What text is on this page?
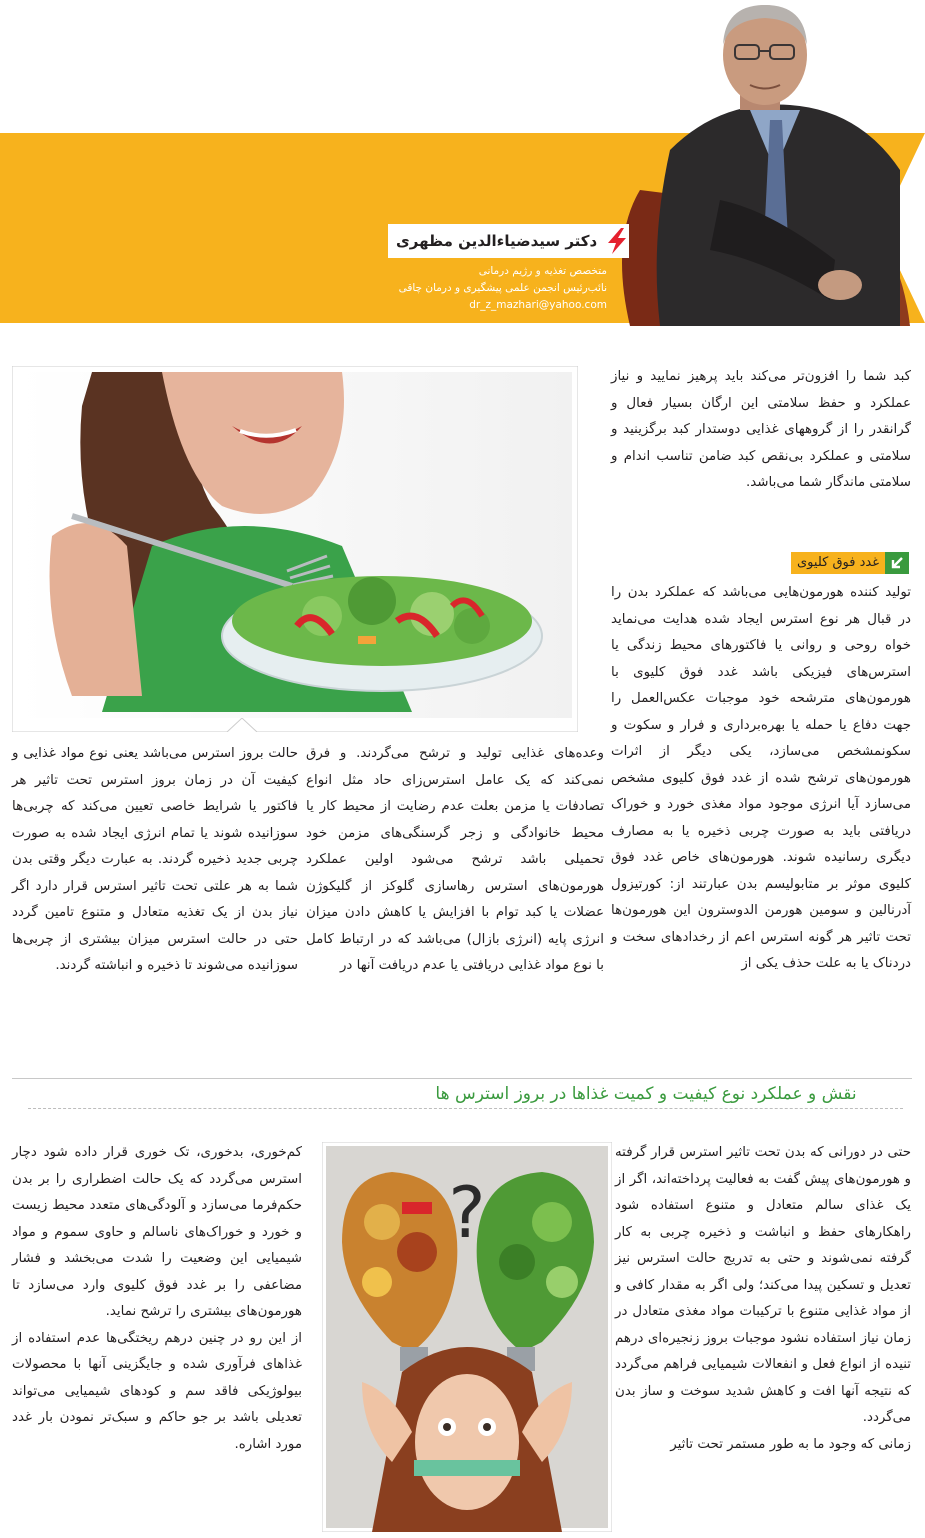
دکتر سیدضیاءالدین مظهری
متخصص تغذیه و رژیم درمانی
نائب‌رئیس انجمن علمی پیشگیری و درمان چاقی
dr_z_mazhari@yahoo.com

کبد شما را افزون‌تر می‌کند باید پرهیز نمایید و نیاز عملکرد و حفظ سلامتی این ارگان بسیار فعال و گرانقدر را از گروههای غذایی دوستدار کبد برگزینید و سلامتی و عملکرد بی‌نقص کبد ضامن تناسب اندام و سلامتی ماندگار شما می‌باشد.

غدد فوق کلیوی

تولید کننده هورمون‌هایی می‌باشد که عملکرد بدن را در قبال هر نوع استرس ایجاد شده هدایت می‌نماید خواه روحی و روانی یا فاکتورهای محیط زندگی یا استرس‌های فیزیکی باشد غدد فوق کلیوی با هورمون‌های مترشحه خود موجبات عکس‌العمل را جهت دفاع یا حمله یا بهره‌برداری و فرار و سکوت و سکونمشخص می‌سازد، یکی دیگر از اثرات هورمون‌های ترشح شده از غدد فوق کلیوی مشخص می‌سازد آیا انرژی موجود مواد مغذی خورد و خوراک دریافتی باید به صورت چربی ذخیره یا به مصارف دیگری رسانیده شوند. هورمون‌های خاص غدد فوق کلیوی موثر بر متابولیسم بدن عبارتند از: کورتیزول آدرنالین و سومین هورمن الدوسترون این هورمون‌ها تحت تاثیر هر گونه استرس اعم از رخدادهای سخت و دردناک یا به علت حذف یکی از

وعده‌های غذایی تولید و ترشح می‌گردند. و فرق نمی‌کند که یک عامل استرس‌زای حاد مثل انواع تصادفات یا مزمن بعلت عدم رضایت از محیط کار یا محیط خانوادگی و زجر گرسنگی‌های مزمن خود تحمیلی باشد ترشح می‌شود اولین عملکرد هورمون‌های استرس رهاسازی گلوکز از گلیکوژن عضلات یا کبد توام با افزایش یا کاهش دادن میزان انرژی پایه (انرژی بازال) می‌باشد که در ارتباط کامل با نوع مواد غذایی دریافتی یا عدم دریافت آنها در

حالت بروز استرس می‌باشد یعنی نوع مواد غذایی و کیفیت آن در زمان بروز استرس تحت تاثیر هر فاکتور یا شرایط خاصی تعیین می‌کند که چربی‌ها سوزانیده شوند یا تمام انرژی ایجاد شده به صورت چربی جدید ذخیره گردند. به عبارت دیگر وقتی بدن شما به هر علتی تحت تاثیر استرس قرار دارد اگر نیاز بدن از یک تغذیه متعادل و متنوع تامین گردد حتی در حالت استرس میزان بیشتری از چربی‌ها سوزانیده می‌شوند تا ذخیره و انباشته گردند.

نقش و عملکرد نوع کیفیت و کمیت غذاها در بروز استرس ها

حتی در دورانی که بدن تحت تاثیر استرس قرار گرفته و هورمون‌های پیش گفت به فعالیت پرداخته‌اند، اگر از یک غذای سالم متعادل و متنوع استفاده شود راهکارهای حفظ و انباشت و ذخیره چربی به کار گرفته نمی‌شوند و حتی به تدریج حالت استرس نیز تعدیل و تسکین پیدا می‌کند؛ ولی اگر به مقدار کافی و از مواد غذایی متنوع با ترکیبات مواد مغذی متعادل در زمان نیاز استفاده نشود موجبات بروز زنجیره‌ای درهم تنیده از انواع فعل و انفعالات شیمیایی فراهم می‌گردد که نتیجه آنها افت و کاهش شدید سوخت و ساز بدن می‌گردد.

زمانی که وجود ما به طور مستمر تحت تاثیر

?

کم‌خوری، بدخوری، تک خوری قرار داده شود دچار استرس می‌گردد که یک حالت اضطراری را بر بدن حکم‌فرما می‌سازد و آلودگی‌های متعدد محیط زیست و خورد و خوراک‌های ناسالم و حاوی سموم و مواد شیمیایی این وضعیت را شدت می‌بخشد و فشار مضاعفی را بر غدد فوق کلیوی وارد می‌سازد تا هورمون‌های بیشتری را ترشح نماید.

از این رو در چنین درهم ریختگی‌ها عدم استفاده از غذاهای فرآوری شده و جایگزینی آنها با محصولات بیولوژیکی فاقد سم و کودهای شیمیایی می‌تواند تعدیلی باشد بر جو حاکم و سبک‌تر نمودن بار غدد مورد اشاره.
